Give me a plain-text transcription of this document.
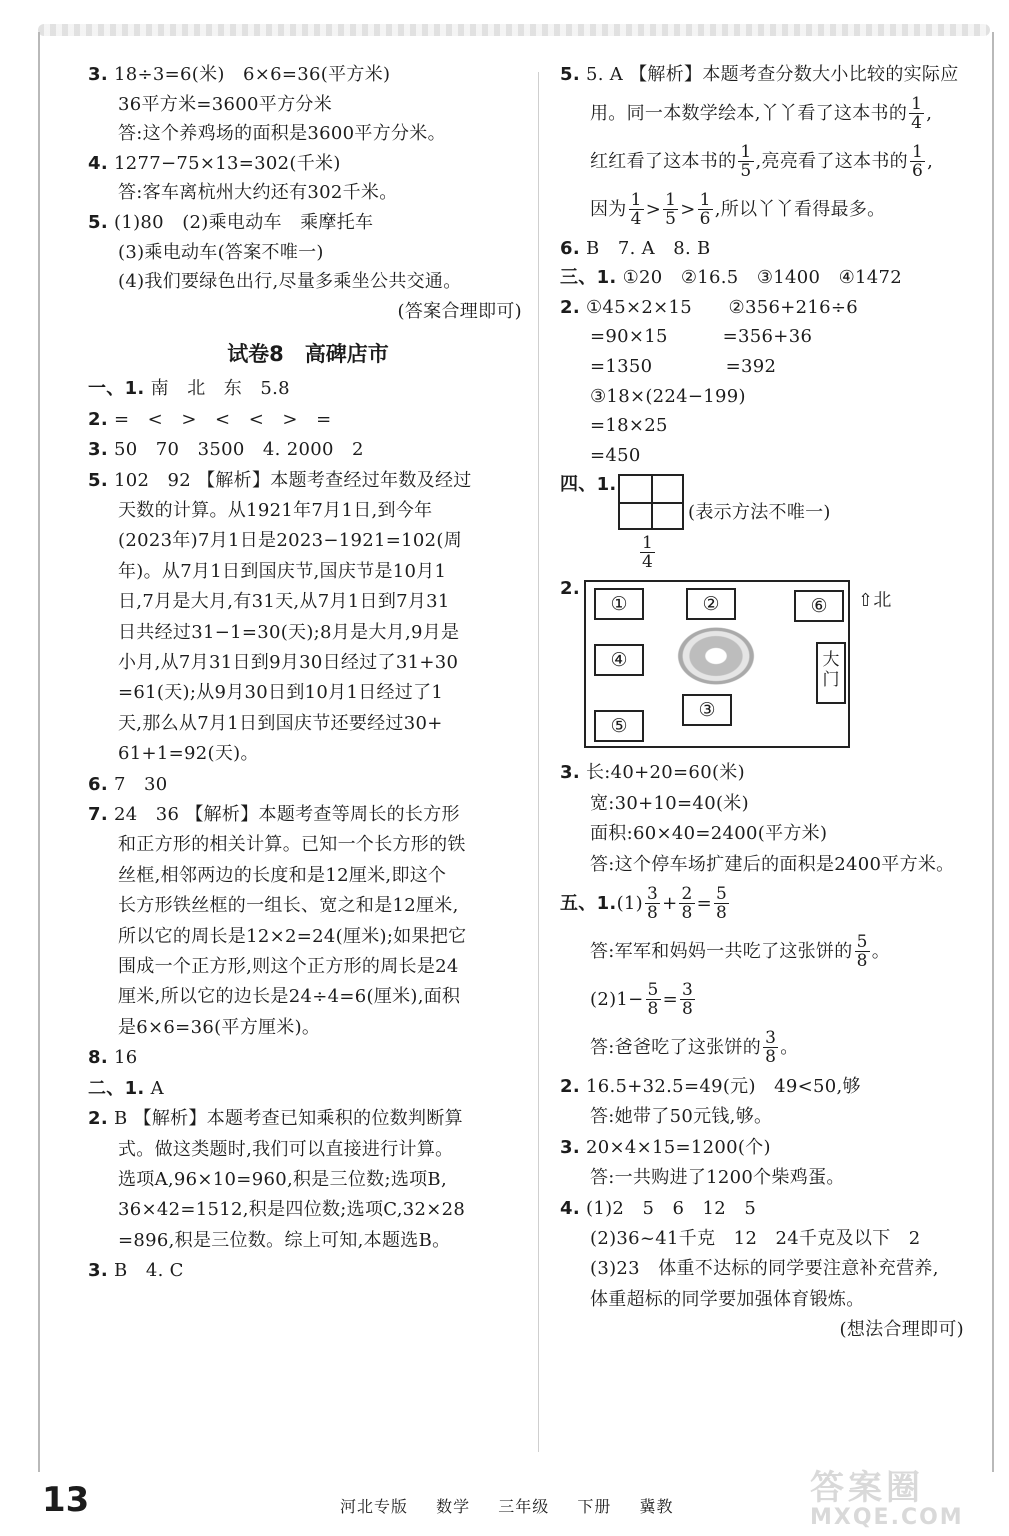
3. 18÷3=6(米)　6×6=36(平方米)
36平方米=3600平方分米
答:这个养鸡场的面积是3600平方分米。
4. 1277−75×13=302(千米)
答:客车离杭州大约还有302千米。
5. (1)80　(2)乘电动车　乘摩托车
(3)乘电动车(答案不唯一)
(4)我们要绿色出行,尽量多乘坐公共交通。
(答案合理即可)
试卷8　高碑店市
一、1. 南　北　东　5.8
2. =　<　>　<　<　>　=
3. 50　70　3500　4. 2000　2
5. 102　92 【解析】本题考查经过年数及经过
天数的计算。从1921年7月1日,到今年
(2023年)7月1日是2023−1921=102(周
年)。从7月1日到国庆节,国庆节是10月1
日,7月是大月,有31天,从7月1日到7月31
日共经过31−1=30(天);8月是大月,9月是
小月,从7月31日到9月30日经过了31+30
=61(天);从9月30日到10月1日经过了1
天,那么从7月1日到国庆节还要经过30+
61+1=92(天)。
6. 7　30
7. 24　36 【解析】本题考查等周长的长方形
和正方形的相关计算。已知一个长方形的铁
丝框,相邻两边的长度和是12厘米,即这个
长方形铁丝框的一组长、宽之和是12厘米,
所以它的周长是12×2=24(厘米);如果把它
围成一个正方形,则这个正方形的周长是24
厘米,所以它的边长是24÷4=6(厘米),面积
是6×6=36(平方厘米)。
8. 16
二、1. A
2. B 【解析】本题考查已知乘积的位数判断算
式。做这类题时,我们可以直接进行计算。
选项A,96×10=960,积是三位数;选项B,
36×42=1512,积是四位数;选项C,32×28
=896,积是三位数。综上可知,本题选B。
3. B　4. C
5. 5. A 【解析】本题考查分数大小比较的实际应
用。同一本数学绘本,丫丫看了这本书的 $\frac{1}{4}$ ,
红红看了这本书的 $\frac{1}{5}$ ,亮亮看了这本书的 $\frac{1}{6}$ ,
因为 $\frac{1}{4} > \frac{1}{5} > \frac{1}{6}$ ,所以丫丫看得最多。
6. B　7. A　8. B
三、1. ①20　②16.5　③1400　④1472
2. ①45×2×15　　②356+216÷6
=90×15　　　=356+36
=1350　　　　=392
③18×(224−199)
=18×25
=450
四、1.
(表示方法不唯一)
$\frac{1}{4}$
2.
①	②	⑥
④	大门
⑤
③
⇧北
3. 长:40+20=60(米)
宽:30+10=40(米)
面积:60×40=2400(平方米)
答:这个停车场扩建后的面积是2400平方米。
五、$1.(1) \frac{3}{8} + \frac{2}{8} = \frac{5}{8}$
答:军军和妈妈一共吃了这张饼的 $\frac{5}{8}$ 。
$(2)1- \frac{5}{8} = \frac{3}{8}$
答:爸爸吃了这张饼的 $\frac{3}{8}$ 。
2. 16.5+32.5=49(元)　49<50,够
答:她带了50元钱,够。
3. 20×4×15=1200(个)
答:一共购进了1200个柴鸡蛋。
4. (1)2　5　6　12　5
(2)36~41千克　12　24千克及以下　2
(3)23　体重不达标的同学要注意补充营养,
体重超标的同学要加强体育锻炼。
(想法合理即可)
13	河北专版 数学 三年级 下册 冀教	答案圈
MXQE.COM
